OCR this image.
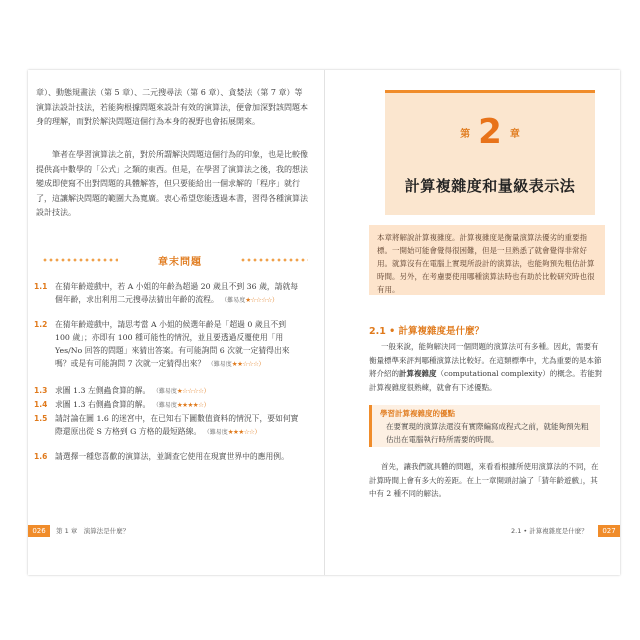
章）、動態規畫法（第 5 章）、二元搜尋法（第 6 章）、貪婪法（第 7 章）等演算法設計技法，若能夠根據問題來設計有效的演算法，便會加深對該問題本身的理解，而對於解決問題這個行為本身的視野也會拓展開來。

筆者在學習演算法之前，對於所謂解決問題這個行為的印象，也是比較像提供高中數學的「公式」之類的東西。但是，在學習了演算法之後，我的想法變成即使寫不出對問題的具體解答，但只要能給出一個求解的「程序」就行了，這讓解決問題的範圍大為寬廣。衷心希望您能透過本書，習得各種演算法設計技法。

章末問題
1.1 在猜年齡遊戲中，若 A 小姐的年齡為超過 20 歲且不到 36 歲，請就每個年齡，求出利用二元搜尋法猜出年齡的流程。 （難易度★☆☆☆☆）
1.2 在猜年齡遊戲中，請思考當 A 小姐的候選年齡是「超過 0 歲且不到 100 歲」；亦即有 100 種可能性的情況，並且要透過反覆使用「用 Yes/No 回答的問題」來猜出答案。有可能詢問 6 次就一定猜得出來嗎？或是有可能詢問 7 次就一定猜得出來？ （難易度★★☆☆☆）
1.3 求圖 1.3 左側蟲食算的解。 （難易度★☆☆☆☆）
1.4 求圖 1.3 右側蟲食算的解。 （難易度★★★★☆）
1.5 請討論在圖 1.6 的迷宮中，在已知右下圖數值資料的情況下，要如何實際還原出從 S 方格到 G 方格的最短路線。 （難易度★★★☆☆）
1.6 請選擇一種您喜歡的演算法，並調查它使用在現實世界中的應用例。
026	第 1 章　演算法是什麼？
第 2 章
計算複雜度和量級表示法

本章將解說計算複雜度。計算複雜度是衡量演算法優劣的重要指標。一開始可能會覺得很困難，但是一旦熟悉了就會覺得非常好用。就算沒有在電腦上實現所設計的演算法，也能夠預先粗估計算時間。另外，在考慮要使用哪種演算法時也有助於比較研究時也很有用。

2.1 • 計算複雜度是什麼？

一般來說，能夠解決同一個問題的演算法可有多種。因此，需要有衡量標準來評判哪種演算法比較好。在這類標準中，尤為重要的是本節將介紹的計算複雜度（computational complexity）的概念。若能對計算複雜度很熟練，就會有下述優點。

學習計算複雜度的優點

在要實現的演算法還沒有實際編寫成程式之前，就能夠預先粗估出在電腦執行時所需要的時間。

首先，讓我們就具體的問題，來看看根據所使用演算法的不同，在計算時間上會有多大的差距。在上一章開頭討論了「猜年齡遊戲」，其中有 2 種不同的解法。

2.1 • 計算複雜度是什麼？	027
